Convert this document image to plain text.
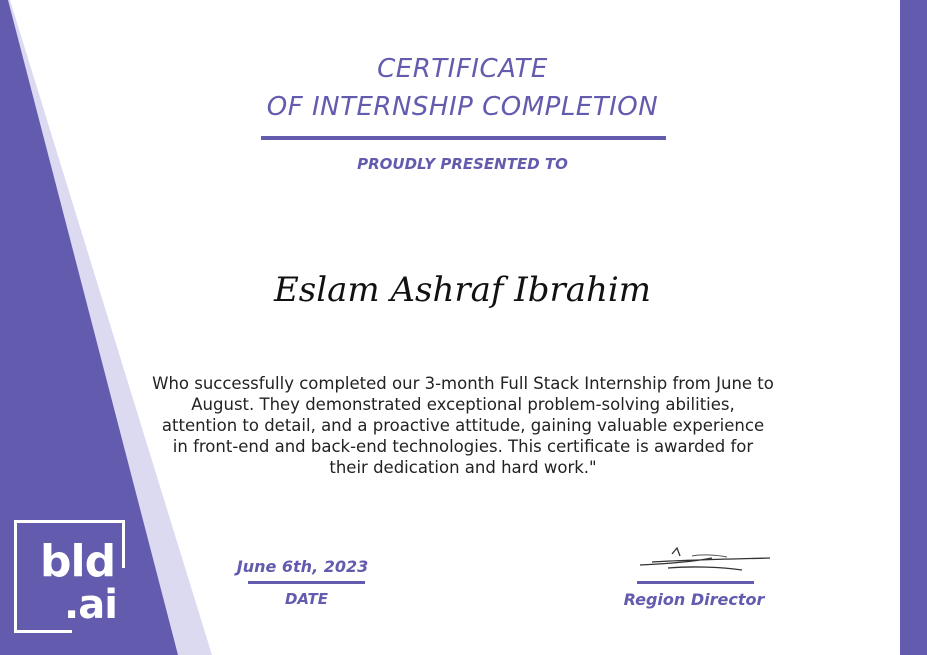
CERTIFICATE
OF INTERNSHIP COMPLETION
PROUDLY PRESENTED TO
Eslam Ashraf Ibrahim
Who successfully completed our 3-month Full Stack Internship from June to August. They demonstrated exceptional problem-solving abilities, attention to detail, and a proactive attitude, gaining valuable experience in front-end and back-end technologies. This certificate is awarded for their dedication and hard work."
June 6th, 2023
DATE	Region Director
bld
.ai
